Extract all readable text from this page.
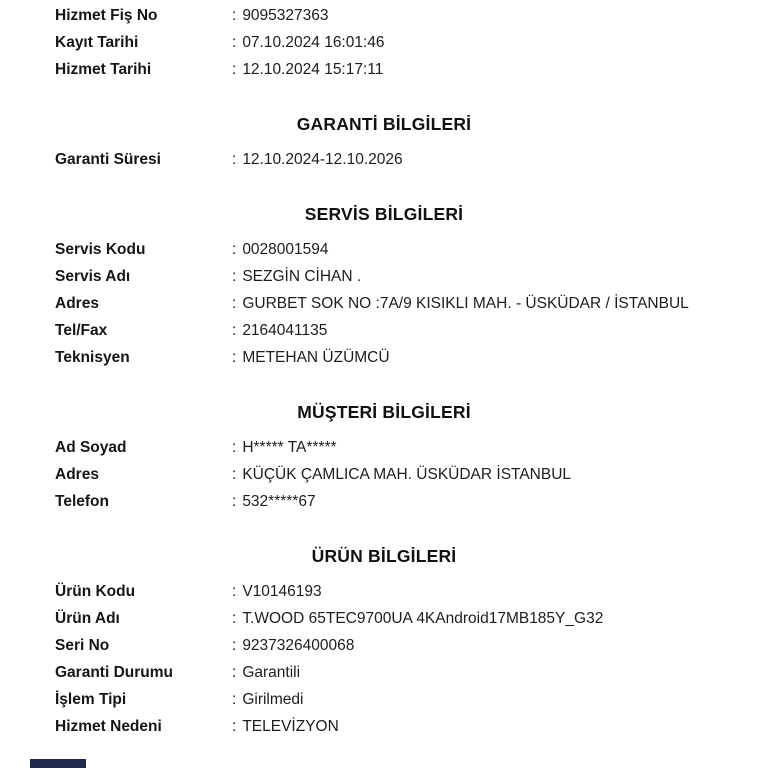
Hizmet Fiş No	: 9095327363
Kayıt Tarihi	: 07.10.2024 16:01:46
Hizmet Tarihi	: 12.10.2024 15:17:11
GARANTİ BİLGİLERİ
Garanti Süresi	: 12.10.2024-12.10.2026
SERVİS BİLGİLERİ
Servis Kodu	: 0028001594
Servis Adı	: SEZGİN CİHAN .
Adres	: GURBET SOK NO :7A/9 KISIKLI MAH. - ÜSKÜDAR / İSTANBUL
Tel/Fax	: 2164041135
Teknisyen	: METEHAN ÜZÜMCÜ
MÜŞTERİ BİLGİLERİ
Ad Soyad	: H***** TA*****
Adres	: KÜÇÜK ÇAMLICA MAH. ÜSKÜDAR İSTANBUL
Telefon	: 532*****67
ÜRÜN BİLGİLERİ
Ürün Kodu	: V10146193
Ürün Adı	: T.WOOD 65TEC9700UA 4KAndroid17MB185Y_G32
Seri No	: 9237326400068
Garanti Durumu	: Garantili
İşlem Tipi	: Girilmedi
Hizmet Nedeni	: TELEVİZYON
